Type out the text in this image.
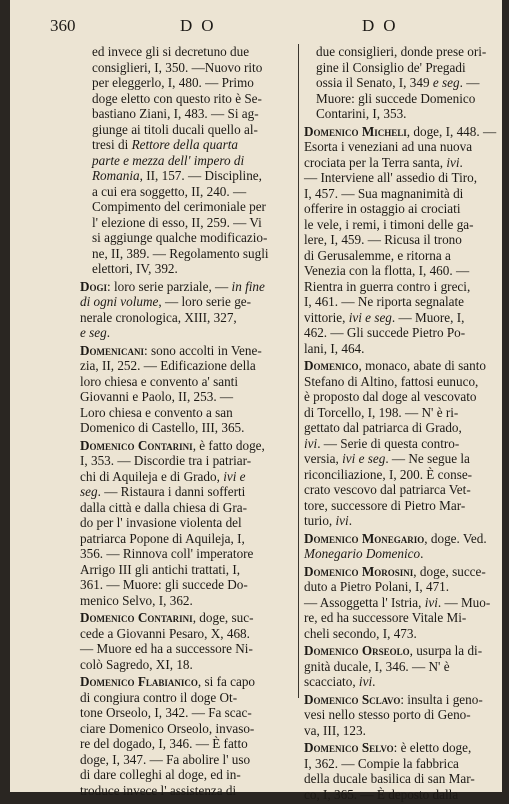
360	DO	DO
ed invece gli si decretuno due
consiglieri, I, 350. —Nuovo rito
per eleggerlo, I, 480. — Primo
doge eletto con questo rito è Se-
bastiano Ziani, I, 483. — Si ag-
giunge ai titoli ducali quello al-
tresi di Rettore della quarta
parte e mezza dell' impero di
Romania, II, 157. — Discipline,
a cui era soggetto, II, 240. —
Compimento del cerimoniale per
l' elezione di esso, II, 259. — Vi
si aggiunge qualche modificazio-
ne, II, 389. — Regolamento sugli
elettori, IV, 392.
Dogi: loro serie parziale, — in fine
di ogni volume, — loro serie ge-
nerale cronologica, XIII, 327,
e seg.
Domenicani: sono accolti in Vene-
zia, II, 252. — Edificazione della
loro chiesa e convento a' santi
Giovanni e Paolo, II, 253. —
Loro chiesa e convento a san
Domenico di Castello, III, 365.
Domenico Contarini, è fatto doge,
I, 353. — Discordie tra i patriar-
chi di Aquileja e di Grado, ivi e
seg. — Ristaura i danni sofferti
dalla città e dalla chiesa di Gra-
do per l' invasione violenta del
patriarca Popone di Aquileja, I,
356. — Rinnova coll' imperatore
Arrigo III gli antichi trattati, I,
361. — Muore: gli succede Do-
menico Selvo, I, 362.
Domenico Contarini, doge, suc-
cede a Giovanni Pesaro, X, 468.
— Muore ed ha a successore Ni-
colò Sagredo, XI, 18.
Domenico Flabianico, si fa capo
di congiura contro il doge Ot-
tone Orseolo, I, 342. — Fa scac-
ciare Domenico Orseolo, invaso-
re del dogado, I, 346. — È fatto
doge, I, 347. — Fa abolire l' uso
di dare colleghi al doge, ed in-
troduce invece l' assistenza di
due consiglieri, donde prese ori-
gine il Consiglio de' Pregadi
ossia il Senato, I, 349 e seg. —
Muore: gli succede Domenico
Contarini, I, 353.
Domenico Micheli, doge, I, 448. —
Esorta i veneziani ad una nuova
crociata per la Terra santa, ivi.
— Interviene all' assedio di Tiro,
I, 457. — Sua magnanimità di
offerire in ostaggio ai crociati
le vele, i remi, i timoni delle ga-
lere, I, 459. — Ricusa il trono
di Gerusalemme, e ritorna a
Venezia con la flotta, I, 460. —
Rientra in guerra contro i greci,
I, 461. — Ne riporta segnalate
vittorie, ivi e seg. — Muore, I,
462. — Gli succede Pietro Po-
lani, I, 464.
Domenico, monaco, abate di santo
Stefano di Altino, fattosi eunuco,
è proposto dal doge al vescovato
di Torcello, I, 198. — N' è ri-
gettato dal patriarca di Grado,
ivi. — Serie di questa contro-
versia, ivi e seg. — Ne segue la
riconciliazione, I, 200. È conse-
crato vescovo dal patriarca Vet-
tore, successore di Pietro Mar-
turio, ivi.
Domenico Monegario, doge. Ved.
Monegario Domenico.
Domenico Morosini, doge, succe-
duto a Pietro Polani, I, 471.
— Assoggetta l' Istria, ivi. — Muo-
re, ed ha successore Vitale Mi-
cheli secondo, I, 473.
Domenico Orseolo, usurpa la di-
gnità ducale, I, 346. — N' è
scacciato, ivi.
Domenico Sclavo: insulta i geno-
vesi nello stesso porto di Geno-
va, III, 123.
Domenico Selvo: è eletto doge,
I, 362. — Compie la fabbrica
della ducale basilica di san Mar-
co, I, 365. — È deposto dalla
